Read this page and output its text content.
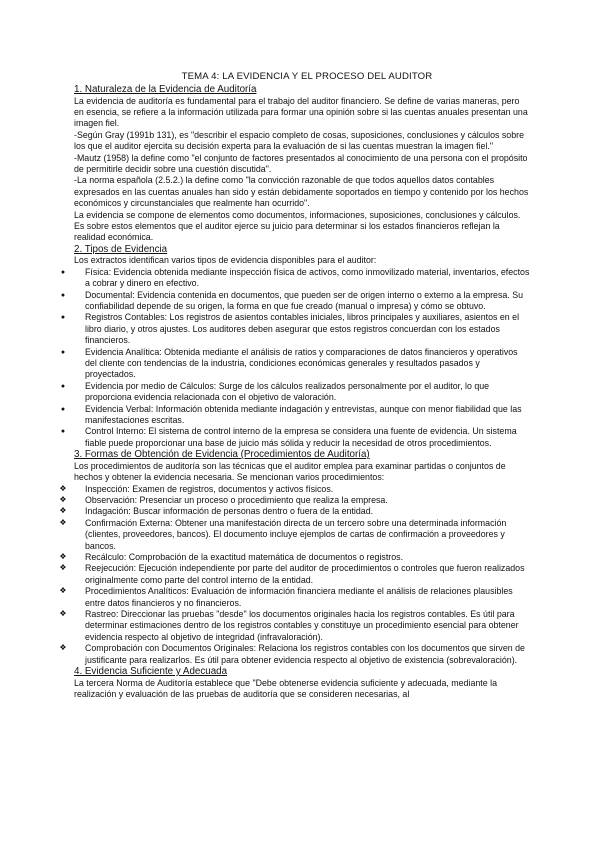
TEMA 4: LA EVIDENCIA Y EL PROCESO DEL AUDITOR
1. Naturaleza de la Evidencia de Auditoría

La evidencia de auditoría es fundamental para el trabajo del auditor financiero. Se define de varias maneras, pero en esencia, se refiere a la información utilizada para formar una opinión sobre si las cuentas anuales presentan una imagen fiel.

-Según Gray (1991b 131), es "describir el espacio completo de cosas, suposiciones, conclusiones y cálculos sobre los que el auditor ejercita su decisión experta para la evaluación de si las cuentas muestran la imagen fiel."

-Mautz (1958) la define como "el conjunto de factores presentados al conocimiento de una persona con el propósito de permitirle decidir sobre una cuestión discutida".

-La norma española (2.5.2.) la define como "la convicción razonable de que todos aquellos datos contables expresados en las cuentas anuales han sido y están debidamente soportados en tiempo y contenido por los hechos económicos y circunstanciales que realmente han ocurrido".

La evidencia se compone de elementos como documentos, informaciones, suposiciones, conclusiones y cálculos. Es sobre estos elementos que el auditor ejerce su juicio para determinar si los estados financieros reflejan la realidad económica.

2. Tipos de Evidencia

Los extractos identifican varios tipos de evidencia disponibles para el auditor:

●	Física: Evidencia obtenida mediante inspección física de activos, como inmovilizado material, inventarios, efectos a cobrar y dinero en efectivo.
●	Documental: Evidencia contenida en documentos, que pueden ser de origen interno o externo a la empresa. Su confiabilidad depende de su origen, la forma en que fue creado (manual o impresa) y cómo se obtuvo.
●	Registros Contables: Los registros de asientos contables iniciales, libros principales y auxiliares, asientos en el libro diario, y otros ajustes. Los auditores deben asegurar que estos registros concuerdan con los estados financieros.
●	Evidencia Analítica: Obtenida mediante el análisis de ratios y comparaciones de datos financieros y operativos del cliente con tendencias de la industria, condiciones económicas generales y resultados pasados y proyectados.
●	Evidencia por medio de Cálculos: Surge de los cálculos realizados personalmente por el auditor, lo que proporciona evidencia relacionada con el objetivo de valoración.
●	Evidencia Verbal: Información obtenida mediante indagación y entrevistas, aunque con menor fiabilidad que las manifestaciones escritas.
●	Control Interno: El sistema de control interno de la empresa se considera una fuente de evidencia. Un sistema fiable puede proporcionar una base de juicio más sólida y reducir la necesidad de otros procedimientos.
3. Formas de Obtención de Evidencia (Procedimientos de Auditoría)

Los procedimientos de auditoría son las técnicas que el auditor emplea para examinar partidas o conjuntos de hechos y obtener la evidencia necesaria. Se mencionan varios procedimientos:

❖ Inspección: Examen de registros, documentos y activos físicos.
❖ Observación: Presenciar un proceso o procedimiento que realiza la empresa.
❖ Indagación: Buscar información de personas dentro o fuera de la entidad.
❖ Confirmación Externa: Obtener una manifestación directa de un tercero sobre una determinada información (clientes, proveedores, bancos). El documento incluye ejemplos de cartas de confirmación a proveedores y bancos.
❖ Recálculo: Comprobación de la exactitud matemática de documentos o registros.
❖ Reejecución: Ejecución independiente por parte del auditor de procedimientos o controles que fueron realizados originalmente como parte del control interno de la entidad.
❖ Procedimientos Analíticos: Evaluación de información financiera mediante el análisis de relaciones plausibles entre datos financieros y no financieros.
❖ Rastreo: Direccionar las pruebas "desde" los documentos originales hacia los registros contables. Es útil para determinar estimaciones dentro de los registros contables y constituye un procedimiento esencial para obtener evidencia respecto al objetivo de integridad (infravaloración).
❖ Comprobación con Documentos Originales: Relaciona los registros contables con los documentos que sirven de justificante para realizarlos. Es útil para obtener evidencia respecto al objetivo de existencia (sobrevaloración).
4. Evidencia Suficiente y Adecuada

La tercera Norma de Auditoría establece que "Debe obtenerse evidencia suficiente y adecuada, mediante la realización y evaluación de las pruebas de auditoría que se consideren necesarias, al
